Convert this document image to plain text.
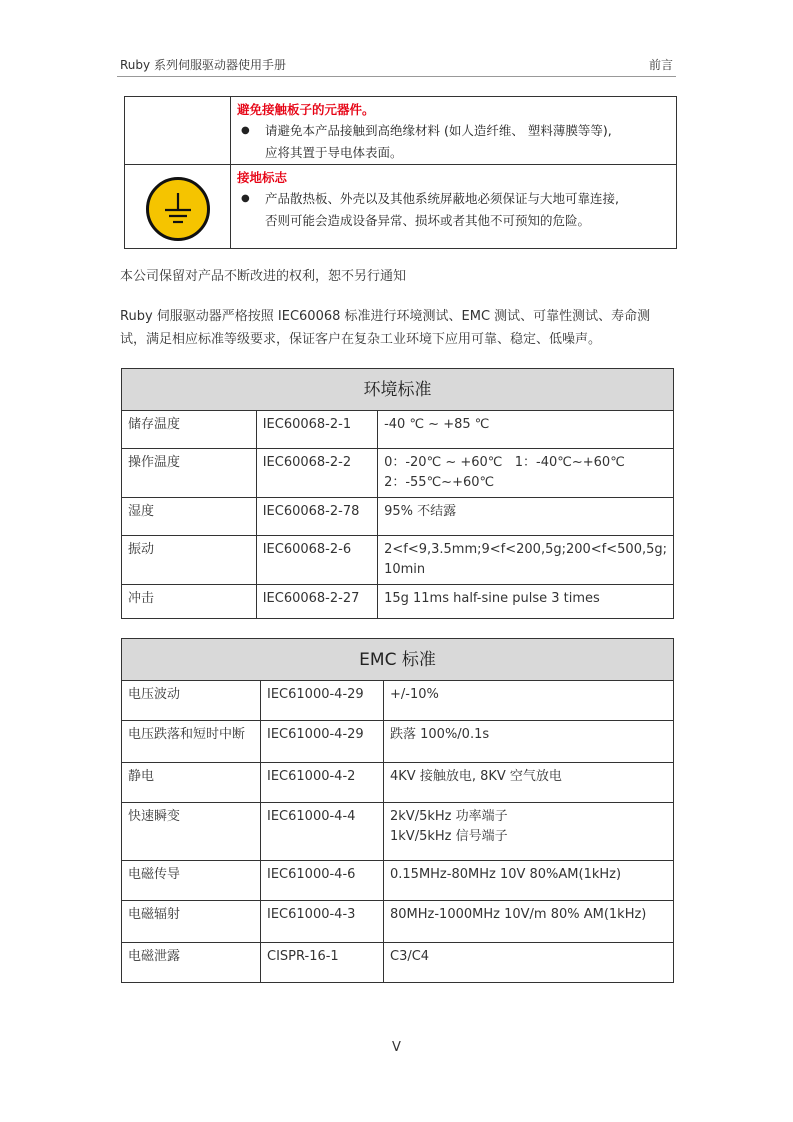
Ruby 系列伺服驱动器使用手册	前言

	避免接触板子的元器件。
● 请避免本产品接触到高绝缘材料 (如人造纤维、 塑料薄膜等等),
应将其置于导电体表面。

接地标志
● 产品散热板、外壳以及其他系统屏蔽地必须保证与大地可靠连接,
否则可能会造成设备异常、损坏或者其他不可预知的危险。
本公司保留对产品不断改进的权利，恕不另行通知
Ruby 伺服驱动器严格按照 IEC60068 标准进行环境测试、EMC 测试、可靠性测试、寿命测试，满足相应标准等级要求，保证客户在复杂工业环境下应用可靠、稳定、低噪声。
环境标准		
储存温度	IEC60068-2-1	-40 ℃ ~ +85 ℃
操作温度	IEC60068-2-2	0：-20℃ ~ +60℃   1：-40℃~+60℃
2：-55℃~+60℃
湿度	IEC60068-2-78	95% 不结露
振动	IEC60068-2-6	2<f<9,3.5mm;9<f<200,5g;200<f<500,5g;
10min
冲击	IEC60068-2-27	15g 11ms half-sine pulse 3 times
EMC 标准		
电压波动	IEC61000-4-29	+/-10%
电压跌落和短时中断	IEC61000-4-29	跌落 100%/0.1s
静电	IEC61000-4-2	4KV 接触放电, 8KV 空气放电
快速瞬变	IEC61000-4-4	2kV/5kHz 功率端子
1kV/5kHz 信号端子
电磁传导	IEC61000-4-6	0.15MHz-80MHz 10V 80%AM(1kHz)
电磁辐射	IEC61000-4-3	80MHz-1000MHz 10V/m 80% AM(1kHz)
电磁泄露	CISPR-16-1	C3/C4
V
